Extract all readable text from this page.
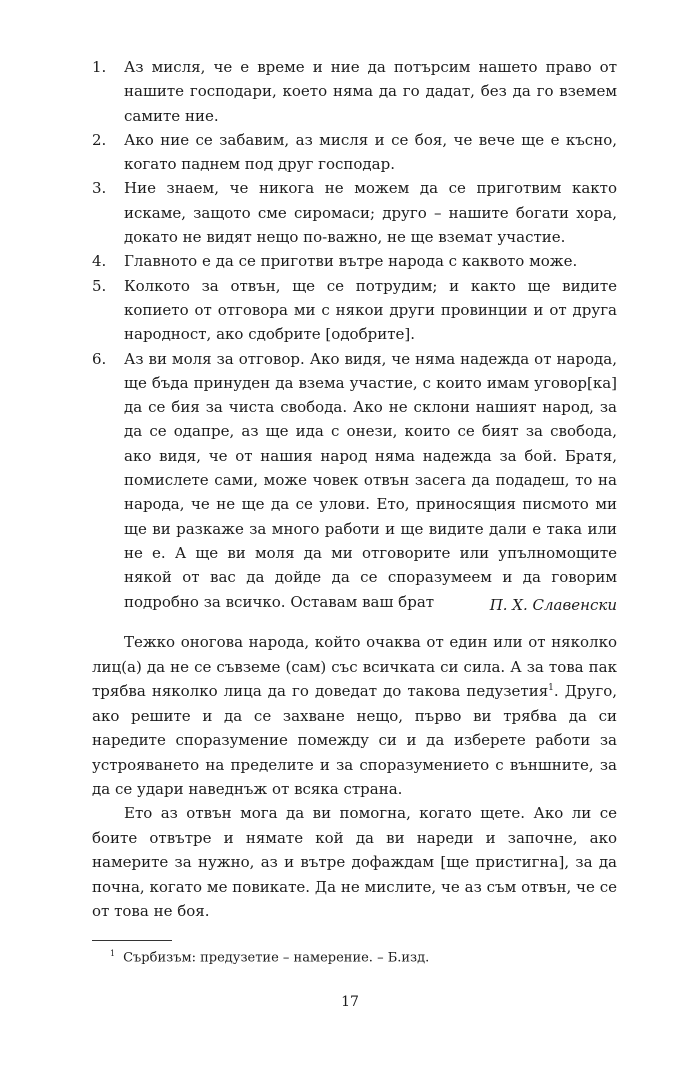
1.	Аз мисля, че е време и ние да потърсим нашето право от нашите господари, което няма да го дадат, без да го вземем самите ние.
2.	Ако ние се забавим, аз мисля и се боя, че вече ще е късно, когато паднем под друг господар.
3.	Ние знаем, че никога не можем да се приготвим както искаме, защото сме сиромаси; друго – нашите богати хора, докато не видят нещо по-важно, не ще вземат участие.
4.	Главното е да се приготви вътре народа с каквото може.
5.	Колкото за отвън, ще се потрудим; и както ще видите копието от отговора ми с някои други провинции и от друга народност, ако сдобрите [одобрите].
6.	Аз ви моля за отговор. Ако видя, че няма надежда от народа, ще бъда принуден да взема участие, с които имам уговор[ка] да се бия за чиста свобода. Ако не склони нашият народ, за да се одапре, аз ще ида с онези, които се бият за свобода, ако видя, че от нашия народ няма надежда за бой. Братя, помислете сами, може човек отвън засега да подадеш, то на народа, че не ще да се улови. Ето, приносящия писмото ми ще ви разкаже за много работи и ще видите дали е така или не е. А ще ви моля да ми отговорите или упълномощите някой от вас да дойде да се споразумеем и да говорим подробно за всичко. Оставам ваш брат	П. Х. Славенски

Тежко оногова народа, който очаква от един или от няколко лиц(а) да не се съвземе (сам) със всичката си сила. А за това пак трябва няколко лица да го доведат до такова педузетия$^1$. Друго, ако решите и да се захване нещо, първо ви трябва да си наредите споразумение помежду си и да изберете работи за устрояването на пределите и за споразумението с външните, за да се удари наведнъж от всяка страна.

Ето аз отвън мога да ви помогна, когато щете. Ако ли се боите отвътре и нямате кой да ви нареди и започне, ако намерите за нужно, аз и вътре дофаждам [ще пристигна], за да почна, когато ме повикате. Да не мислите, че аз съм отвън, че се от това не боя.

$^1$ Сърбизъм: предузетие – намерение. – Б.изд.
17
